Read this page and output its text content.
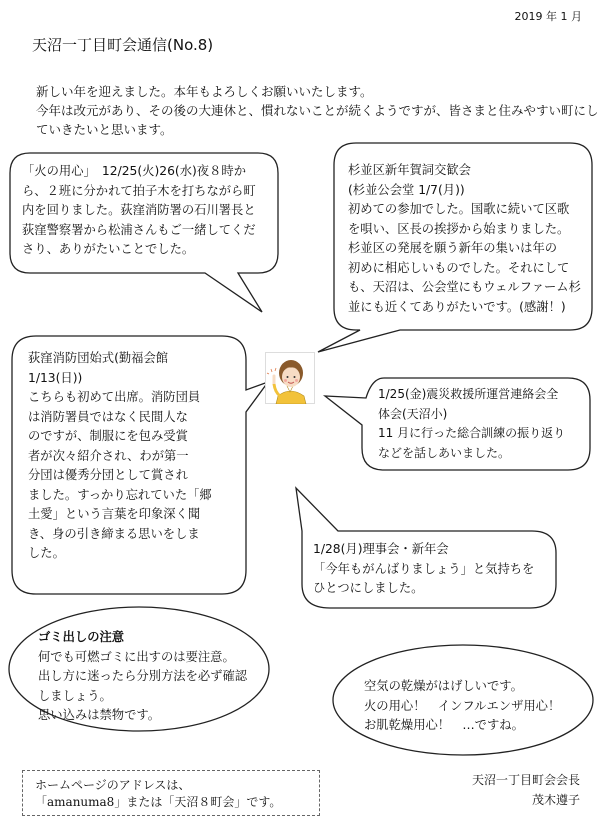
2019 年 1 月
天沼一丁目町会通信(No.8)
新しい年を迎えました。本年もよろしくお願いいたします。
今年は改元があり、その後の大連休と、慣れないことが続くようですが、皆さまと住みやすい町にし
ていきたいと思います。
「火の用心」　12/25(火)26(水)夜８時か
ら、２班に分かれて拍子木を打ちながら町
内を回りました。荻窪消防署の石川署長と
荻窪警察署から松浦さんもご一緒してくだ
さり、ありがたいことでした。
杉並区新年賀詞交歓会
(杉並公会堂 1/7(月))
初めての参加でした。国歌に続いて区歌
を唄い、区長の挨拶から始まりました。
杉並区の発展を願う新年の集いは年の
初めに相応しいものでした。それにして
も、天沼は、公会堂にもウェルファーム杉
並にも近くてありがたいです。(感謝！)
荻窪消防団始式(勤福会館
1/13(日))
こちらも初めて出席。消防団員
は消防署員ではなく民間人な
のですが、制服にを包み受賞
者が次々紹介され、わが第一
分団は優秀分団として賞され
ました。すっかり忘れていた「郷
土愛」という言葉を印象深く聞
き、身の引き締まる思いをしま
した。
1/25(金)震災救援所運営連絡会全
体会(天沼小)
11 月に行った総合訓練の振り返り
などを話しあいました。
1/28(月)理事会・新年会
「今年もがんばりましょう」と気持ちを
ひとつにしました。
ゴミ出しの注意
何でも可燃ゴミに出すのは要注意。
出し方に迷ったら分別方法を必ず確認
しましょう。
思い込みは禁物です。
空気の乾燥がはげしいです。
火の用心！　インフルエンザ用心！
お肌乾燥用心！　…ですね。
ホームページのアドレスは、
「amanuma8」または「天沼８町会」です。
天沼一丁目町会会長
茂木遵子
